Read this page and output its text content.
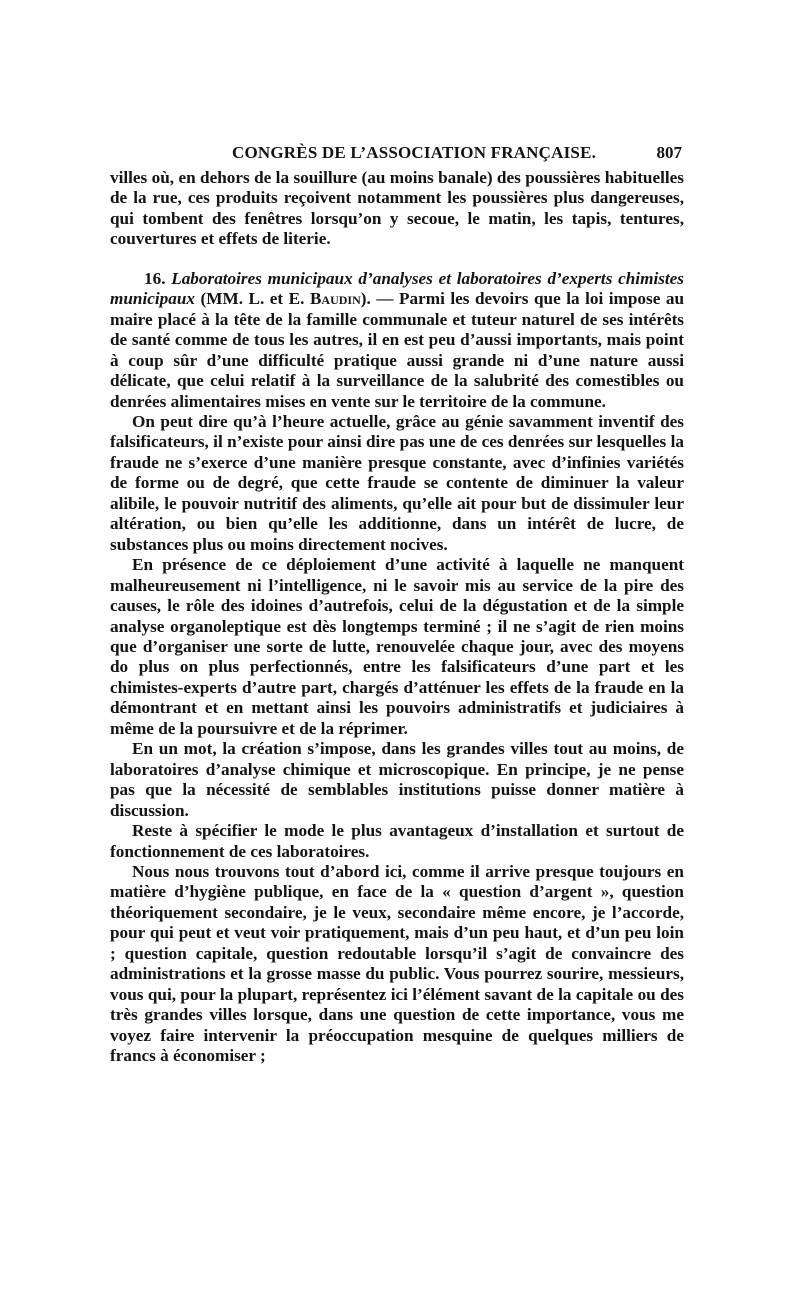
CONGRÈS DE L’ASSOCIATION FRANÇAISE.	807

villes où, en dehors de la souillure (au moins banale) des poussières habituelles de la rue, ces produits reçoivent notamment les poussières plus dangereuses, qui tombent des fenêtres lorsqu’on y secoue, le matin, les tapis, tentures, couvertures et effets de literie.

16. Laboratoires municipaux d’analyses et laboratoires d’experts chimistes municipaux (MM. L. et E. Baudin). — Parmi les devoirs que la loi impose au maire placé à la tête de la famille communale et tuteur naturel de ses intérêts de santé comme de tous les autres, il en est peu d’aussi importants, mais point à coup sûr d’une difficulté pratique aussi grande ni d’une nature aussi délicate, que celui relatif à la surveillance de la salubrité des comestibles ou denrées alimentaires mises en vente sur le territoire de la commune.

On peut dire qu’à l’heure actuelle, grâce au génie savamment inventif des falsificateurs, il n’existe pour ainsi dire pas une de ces denrées sur lesquelles la fraude ne s’exerce d’une manière presque constante, avec d’infinies variétés de forme ou de degré, que cette fraude se contente de diminuer la valeur alibile, le pouvoir nutritif des aliments, qu’elle ait pour but de dissimuler leur altération, ou bien qu’elle les additionne, dans un intérêt de lucre, de substances plus ou moins directement nocives.

En présence de ce déploiement d’une activité à laquelle ne manquent malheureusement ni l’intelligence, ni le savoir mis au service de la pire des causes, le rôle des idoines d’autrefois, celui de la dégustation et de la simple analyse organoleptique est dès longtemps terminé ; il ne s’agit de rien moins que d’organiser une sorte de lutte, renouvelée chaque jour, avec des moyens do plus on plus perfectionnés, entre les falsificateurs d’une part et les chimistes-experts d’autre part, chargés d’atténuer les effets de la fraude en la démontrant et en mettant ainsi les pouvoirs administratifs et judiciaires à même de la poursuivre et de la réprimer.

En un mot, la création s’impose, dans les grandes villes tout au moins, de laboratoires d’analyse chimique et microscopique. En principe, je ne pense pas que la nécessité de semblables institutions puisse donner matière à discussion.

Reste à spécifier le mode le plus avantageux d’installation et surtout de fonctionnement de ces laboratoires.

Nous nous trouvons tout d’abord ici, comme il arrive presque toujours en matière d’hygiène publique, en face de la « question d’argent », question théoriquement secondaire, je le veux, secondaire même encore, je l’accorde, pour qui peut et veut voir pratiquement, mais d’un peu haut, et d’un peu loin ; question capitale, question redoutable lorsqu’il s’agit de convaincre des administrations et la grosse masse du public. Vous pourrez sourire, messieurs, vous qui, pour la plupart, représentez ici l’élément savant de la capitale ou des très grandes villes lorsque, dans une question de cette importance, vous me voyez faire intervenir la préoccupation mesquine de quelques milliers de francs à économiser ;
